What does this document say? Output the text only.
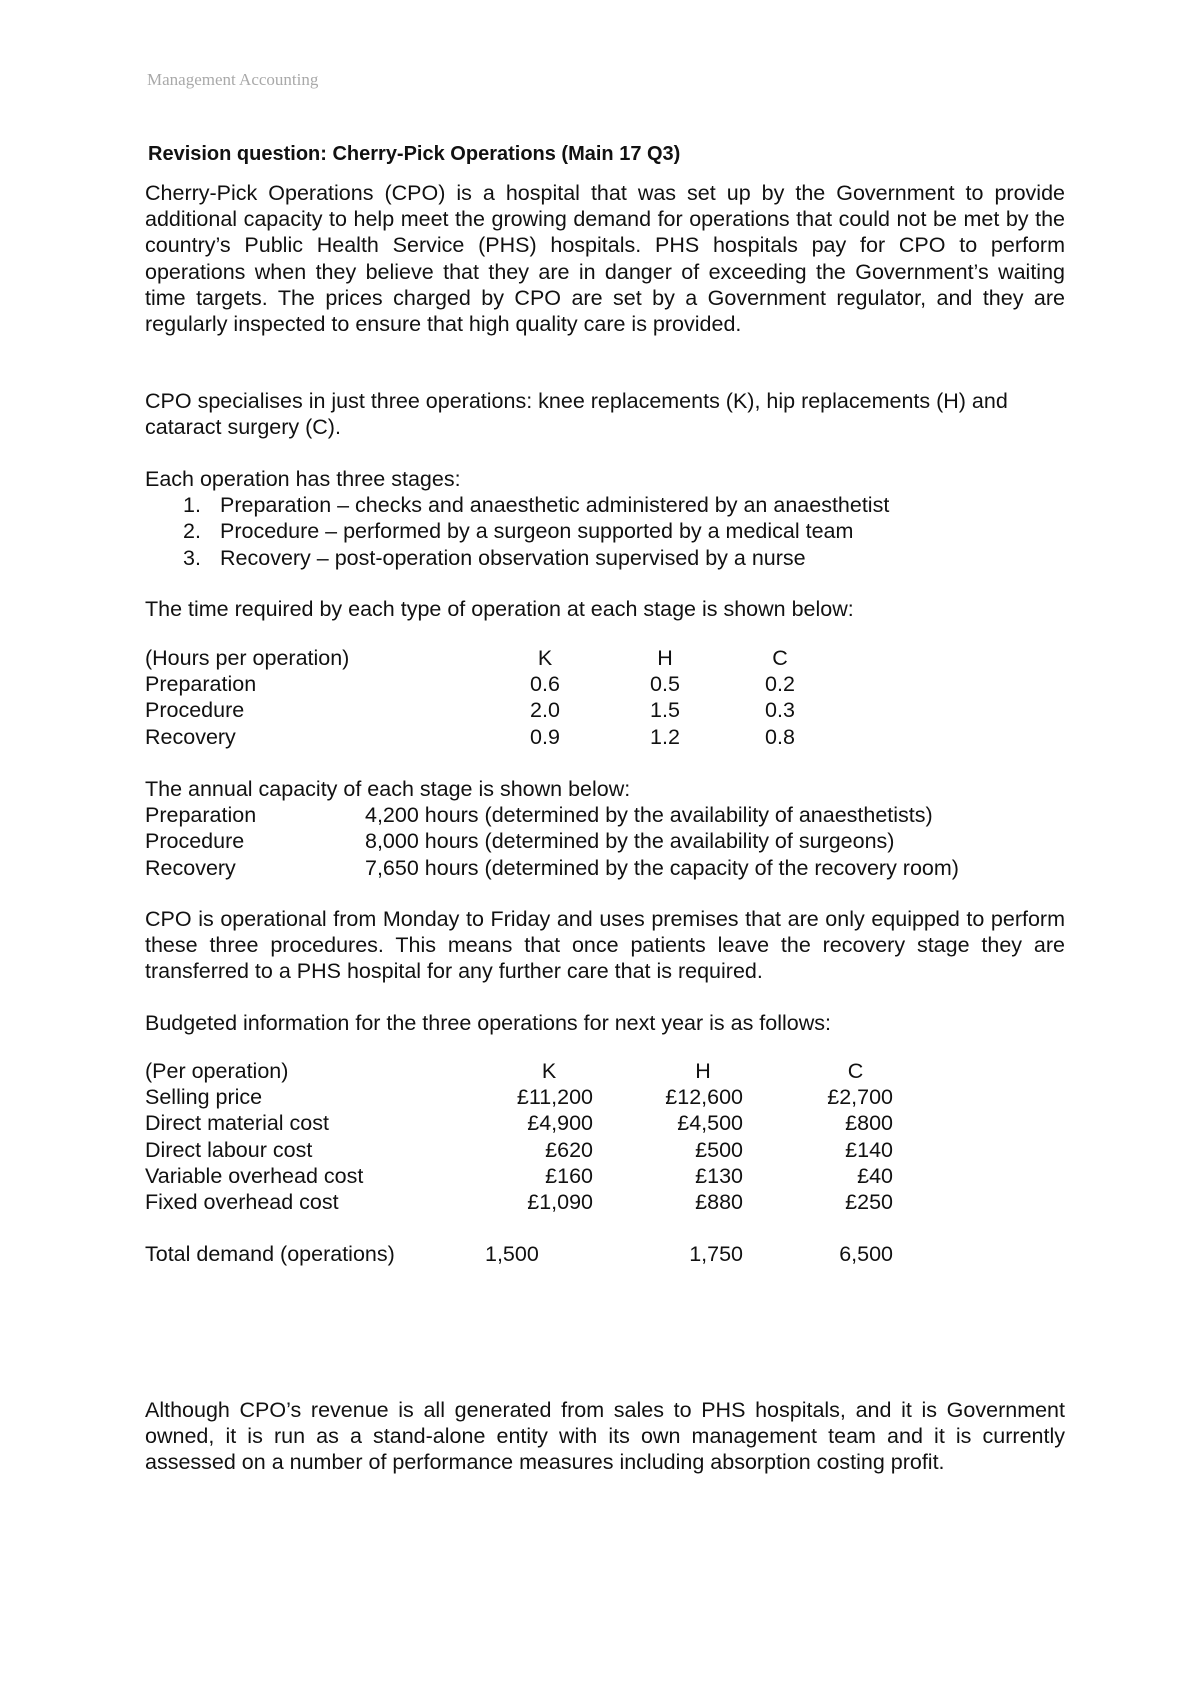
Management Accounting
Revision question: Cherry-Pick Operations (Main 17 Q3)
Cherry-Pick Operations (CPO) is a hospital that was set up by the Government to provide additional capacity to help meet the growing demand for operations that could not be met by the country’s Public Health Service (PHS) hospitals. PHS hospitals pay for CPO to perform operations when they believe that they are in danger of exceeding the Government’s waiting time targets. The prices charged by CPO are set by a Government regulator, and they are regularly inspected to ensure that high quality care is provided.
CPO specialises in just three operations: knee replacements (K), hip replacements (H) and cataract surgery (C).
Each operation has three stages:
1. Preparation – checks and anaesthetic administered by an anaesthetist
2. Procedure – performed by a surgeon supported by a medical team
3. Recovery – post-operation observation supervised by a nurse
The time required by each type of operation at each stage is shown below:
(Hours per operation)	K	H	C
Preparation	0.6	0.5	0.2
Procedure	2.0	1.5	0.3
Recovery	0.9	1.2	0.8
The annual capacity of each stage is shown below:
Preparation	4,200 hours (determined by the availability of anaesthetists)
Procedure	8,000 hours (determined by the availability of surgeons)
Recovery	7,650 hours (determined by the capacity of the recovery room)
CPO is operational from Monday to Friday and uses premises that are only equipped to perform these three procedures. This means that once patients leave the recovery stage they are transferred to a PHS hospital for any further care that is required.
Budgeted information for the three operations for next year is as follows:
(Per operation)	K	H	C
Selling price	£11,200	£12,600	£2,700
Direct material cost	£4,900	£4,500	£800
Direct labour cost	£620	£500	£140
Variable overhead cost	£160	£130	£40
Fixed overhead cost	£1,090	£880	£250
Total demand (operations)	1,500	1,750	6,500
Although CPO’s revenue is all generated from sales to PHS hospitals, and it is Government owned, it is run as a stand-alone entity with its own management team and it is currently assessed on a number of performance measures including absorption costing profit.
